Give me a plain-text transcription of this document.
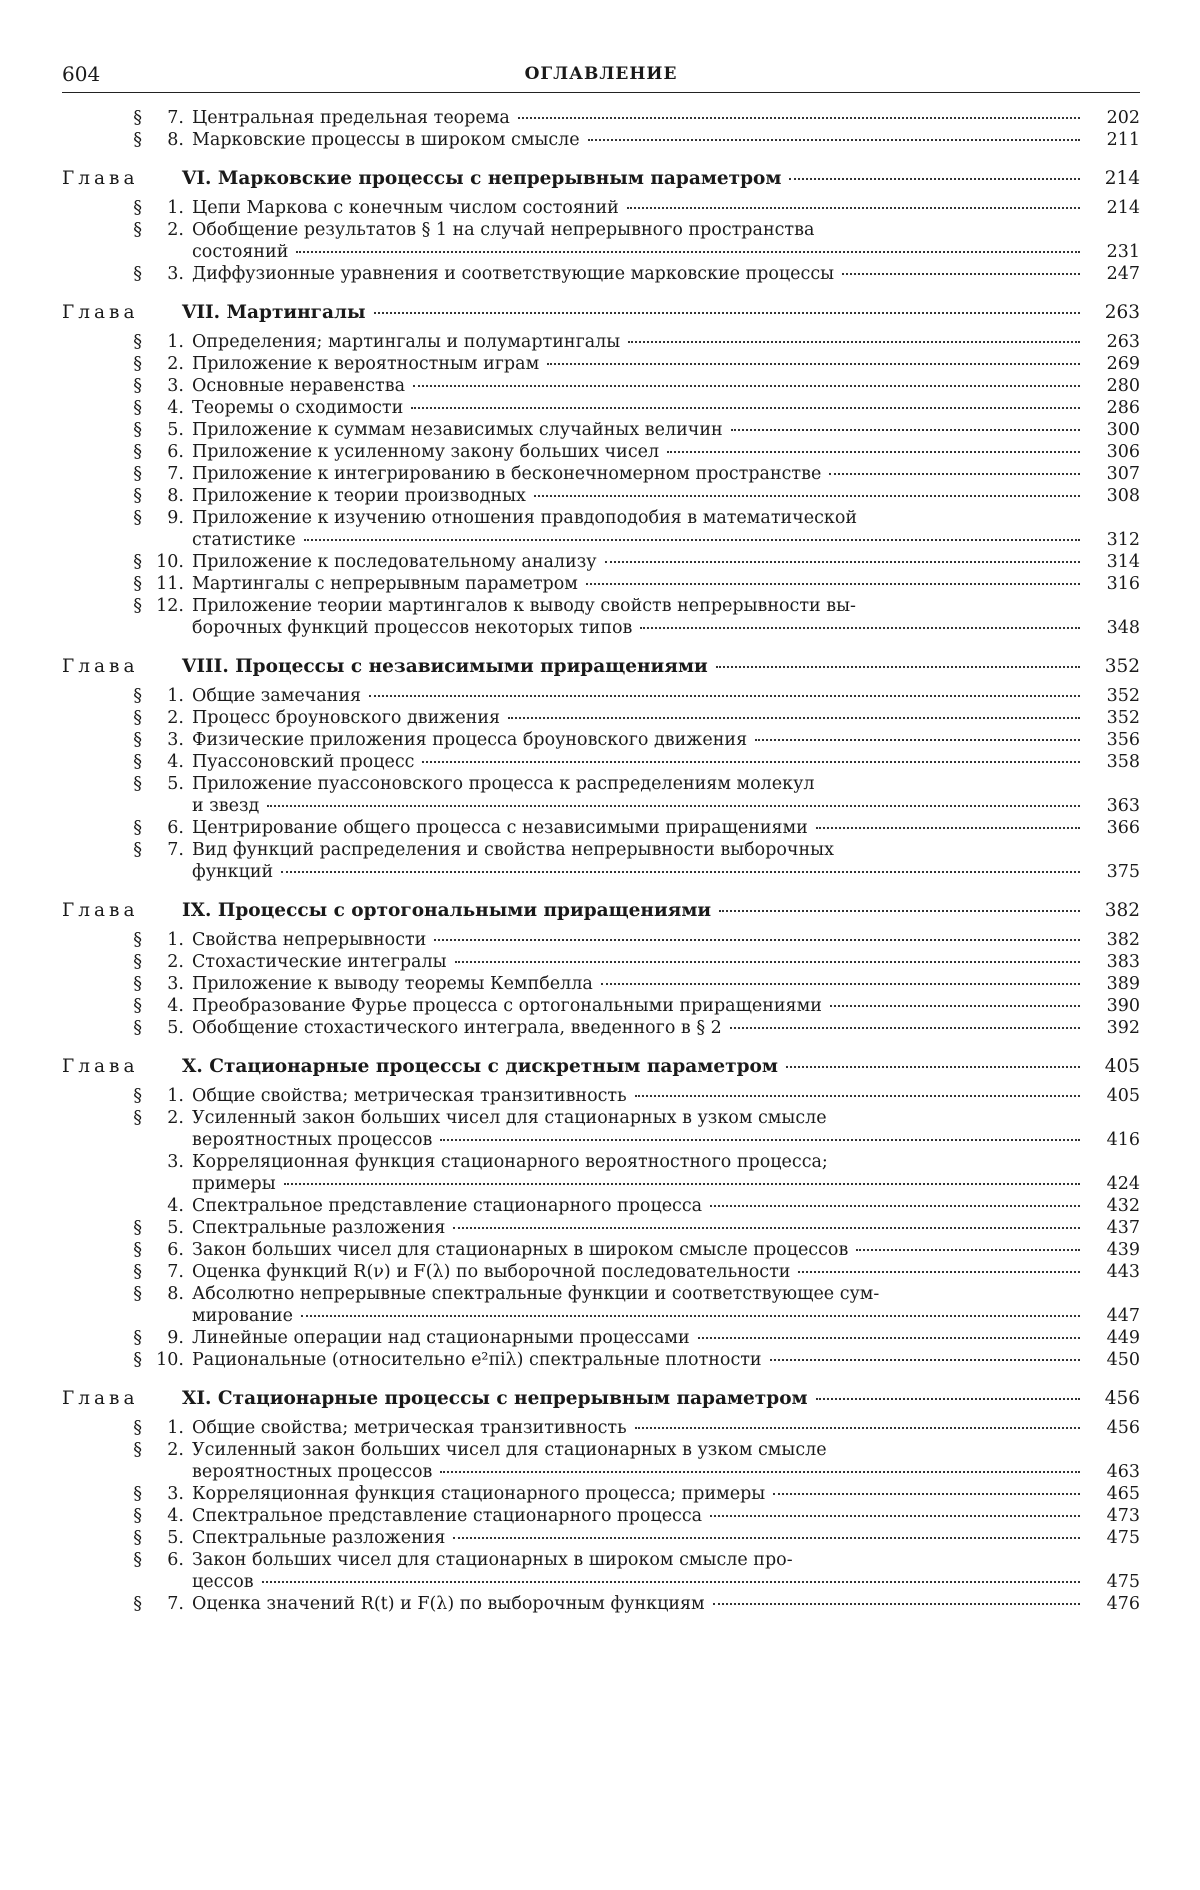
604	ОГЛАВЛЕНИЕ
§	7. Центральная предельная теорема	202
§	8. Марковские процессы в широком смысле	211
Глава	VI. Марковские процессы с непрерывным параметром	214
§	1. Цепи Маркова с конечным числом состояний	214
§	2. Обобщение результатов § 1 на случай непрерывного пространства
состояний	231
§	3. Диффузионные уравнения и соответствующие марковские процессы	247
Глава	VII. Мартингалы	263
§	1. Определения; мартингалы и полумартингалы	263
§	2. Приложение к вероятностным играм	269
§	3. Основные неравенства	280
§	4. Теоремы о сходимости	286
§	5. Приложение к суммам независимых случайных величин	300
§	6. Приложение к усиленному закону больших чисел	306
§	7. Приложение к интегрированию в бесконечномерном пространстве	307
§	8. Приложение к теории производных	308
§	9. Приложение к изучению отношения правдоподобия в математической
статистике	312
§ 10. Приложение к последовательному анализу	314
§ 11. Мартингалы с непрерывным параметром	316
§ 12. Приложение теории мартингалов к выводу свойств непрерывности вы-
борочных функций процессов некоторых типов	348
Глава	VIII. Процессы с независимыми приращениями	352
§	1. Общие замечания	352
§	2. Процесс броуновского движения	352
§	3. Физические приложения процесса броуновского движения	356
§	4. Пуассоновский процесс	358
§	5. Приложение пуассоновского процесса к распределениям молекул
и звезд	363
§	6. Центрирование общего процесса с независимыми приращениями	366
§	7. Вид функций распределения и свойства непрерывности выборочных
функций	375
Глава	IX. Процессы с ортогональными приращениями	382
§	1. Свойства непрерывности	382
§	2. Стохастические интегралы	383
§	3. Приложение к выводу теоремы Кемпбелла	389
§	4. Преобразование Фурье процесса с ортогональными приращениями	390
§	5. Обобщение стохастического интеграла, введенного в § 2	392
Глава	X. Стационарные процессы с дискретным параметром	405
§	1. Общие свойства; метрическая транзитивность	405
§	2. Усиленный закон больших чисел для стационарных в узком смысле
вероятностных процессов	416
3. Корреляционная функция стационарного вероятностного процесса;
примеры	424
4. Спектральное представление стационарного процесса	432
§	5. Спектральные разложения	437
§	6. Закон больших чисел для стационарных в широком смысле процессов	439
§	7. Оценка функций R(ν) и F(λ) по выборочной последовательности	443
§	8. Абсолютно непрерывные спектральные функции и соответствующее сум-
мирование	447
§	9. Линейные операции над стационарными процессами	449
§ 10. Рациональные (относительно e²πiλ) спектральные плотности	450
Глава	XI. Стационарные процессы с непрерывным параметром	456
§	1. Общие свойства; метрическая транзитивность	456
§	2. Усиленный закон больших чисел для стационарных в узком смысле
вероятностных процессов	463
§	3. Корреляционная функция стационарного процесса; примеры	465
§	4. Спектральное представление стационарного процесса	473
§	5. Спектральные разложения	475
§	6. Закон больших чисел для стационарных в широком смысле про-
цессов	475
§	7. Оценка значений R(t) и F(λ) по выборочным функциям	476
